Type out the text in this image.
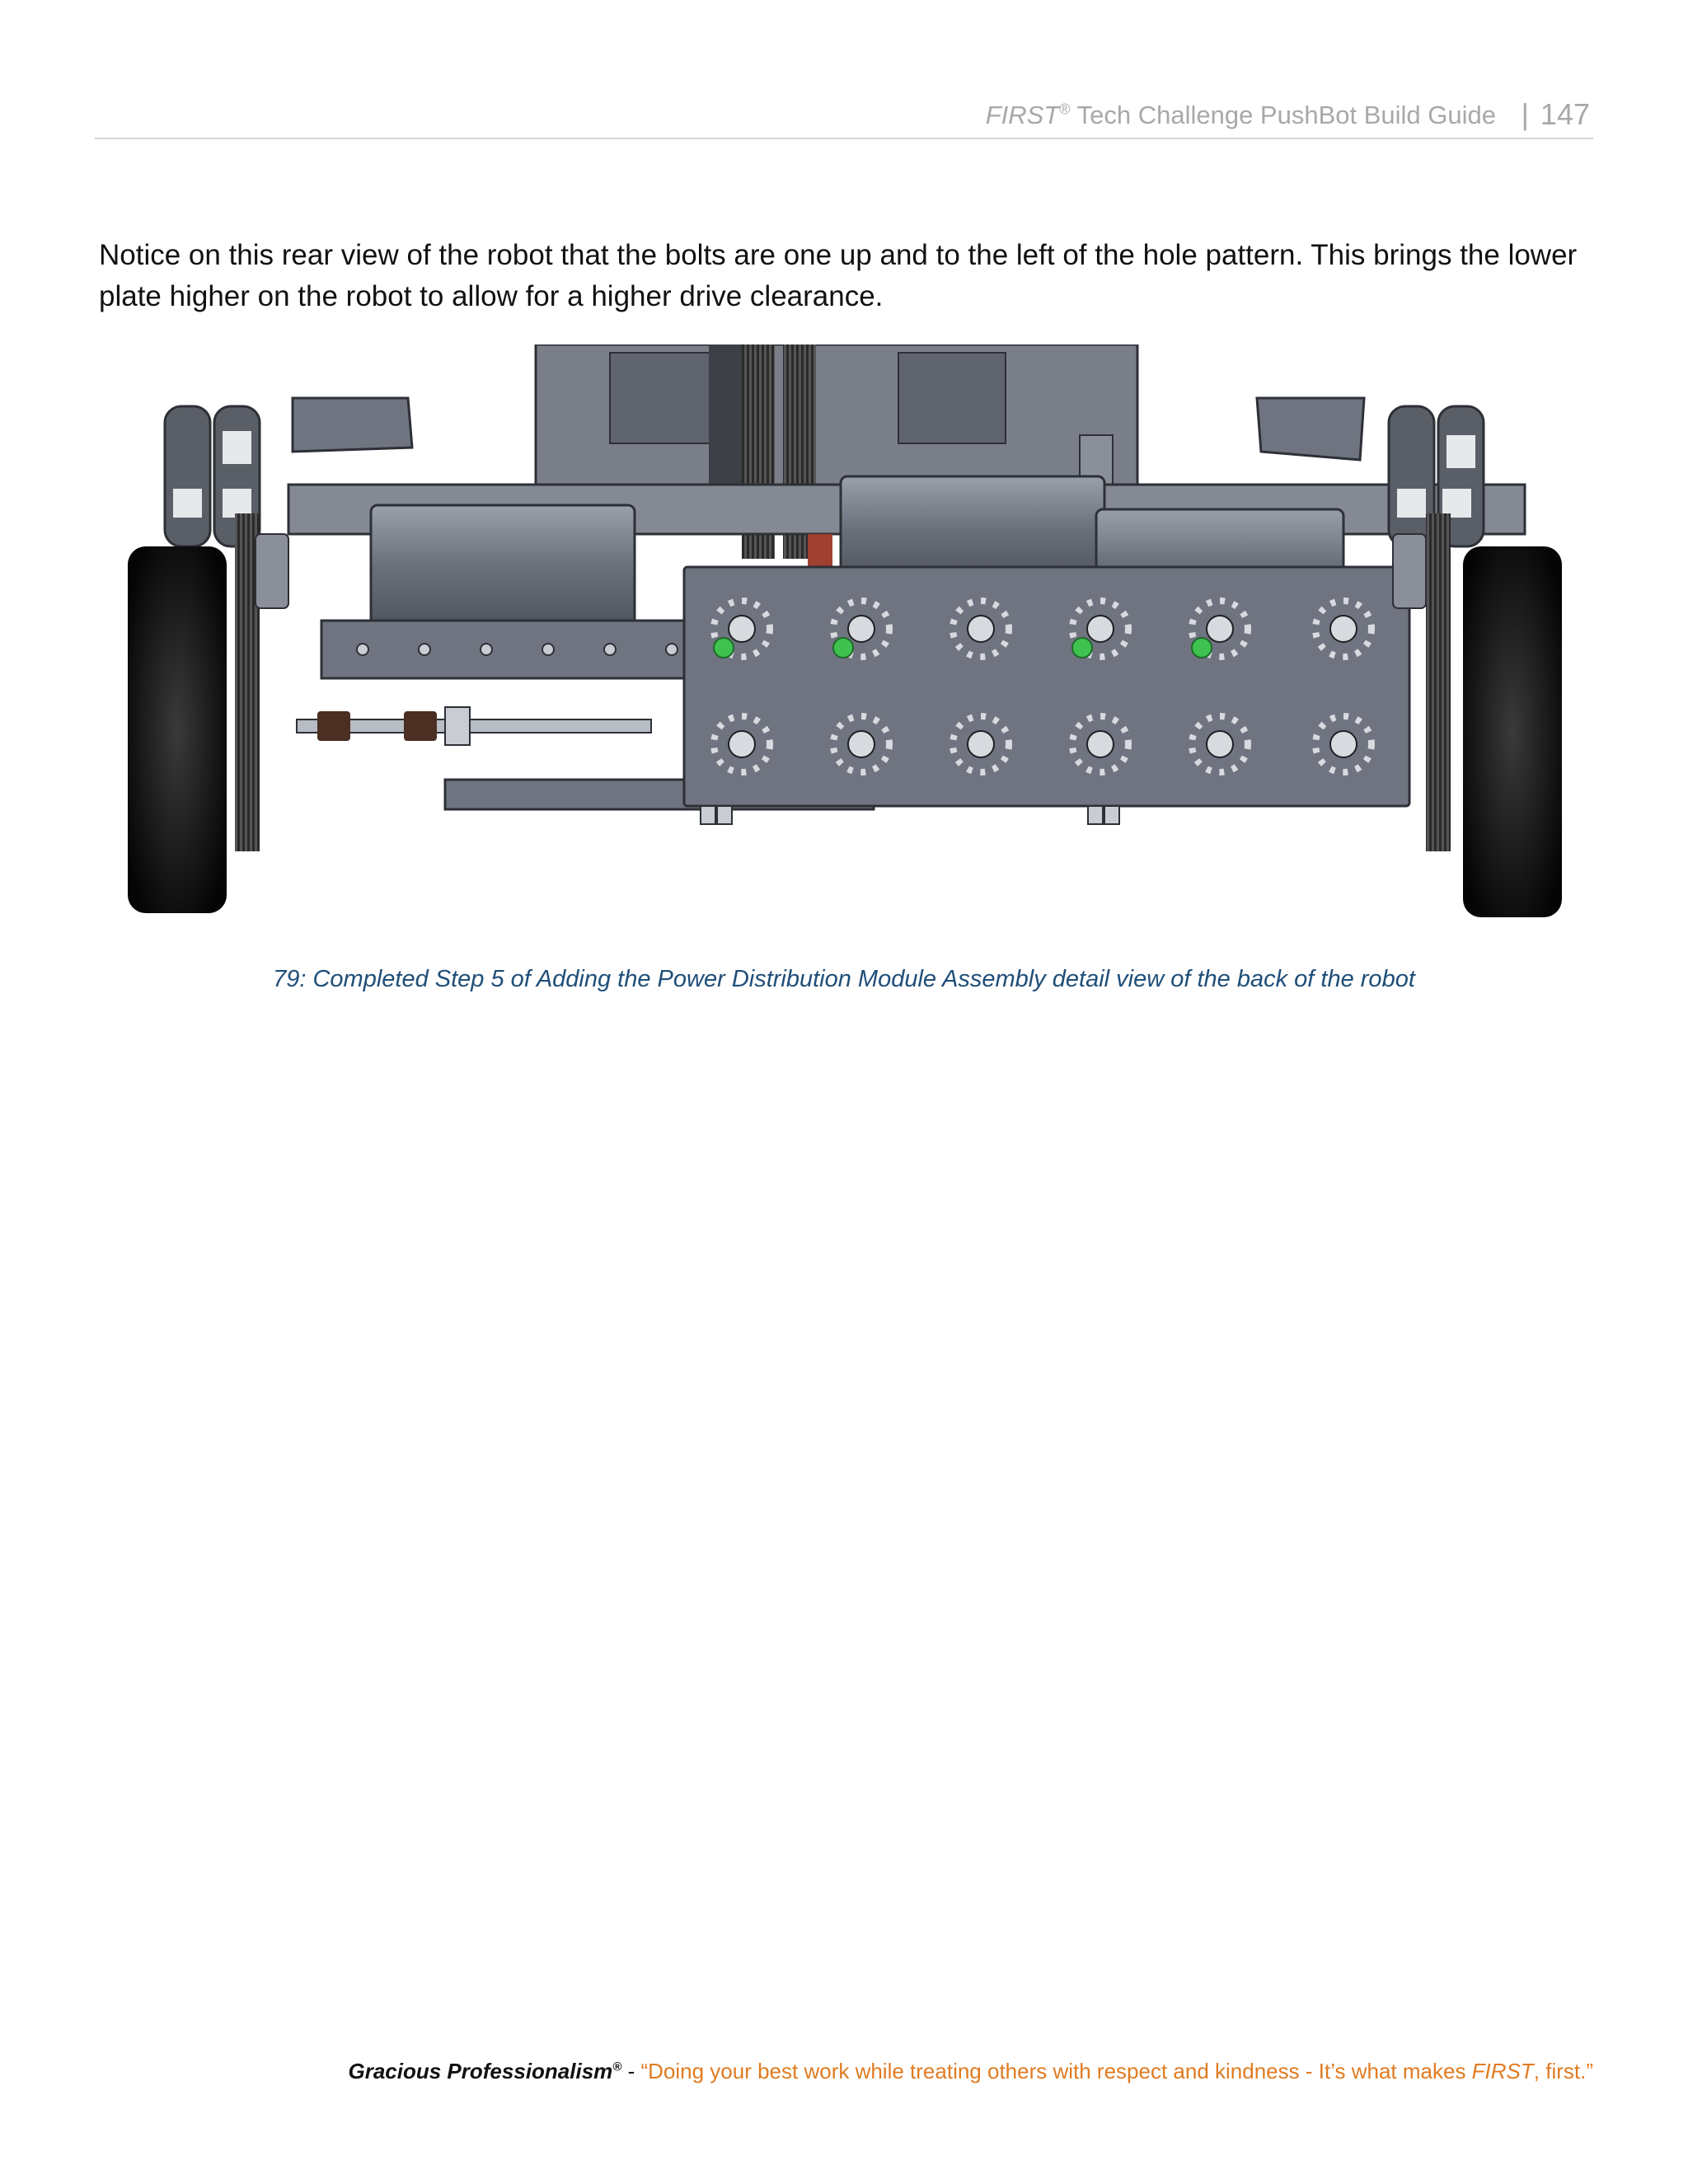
FIRST® Tech Challenge PushBot Build Guide | 147
Notice on this rear view of the robot that the bolts are one up and to the left of the hole pattern. This brings the lower plate higher on the robot to allow for a higher drive clearance.
79: Completed Step 5 of Adding the Power Distribution Module Assembly detail view of the back of the robot
Gracious Professionalism® - “Doing your best work while treating others with respect and kindness - It’s what makes FIRST, first.”
